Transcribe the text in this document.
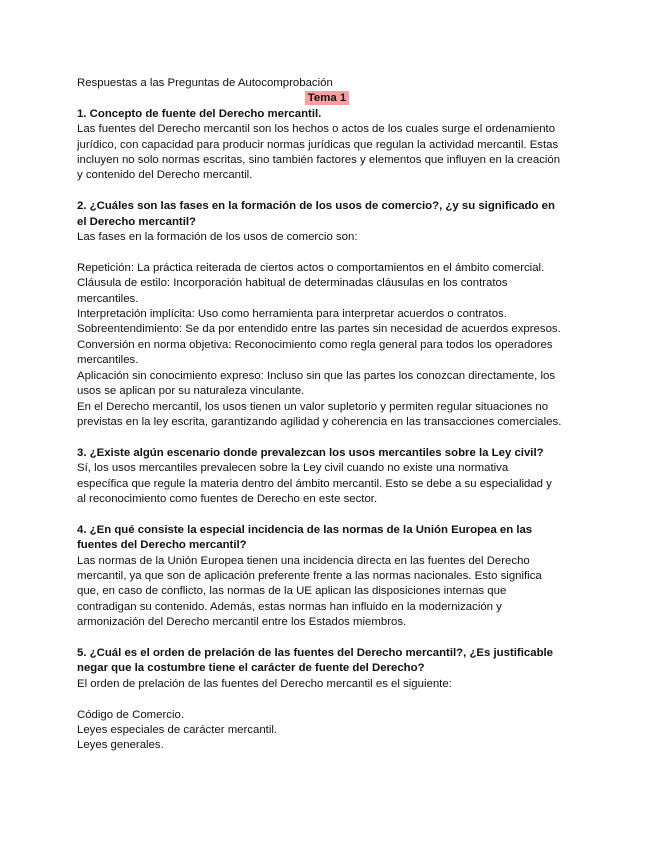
Respuestas a las Preguntas de Autocomprobación
Tema 1
1. Concepto de fuente del Derecho mercantil.
Las fuentes del Derecho mercantil son los hechos o actos de los cuales surge el ordenamiento
jurídico, con capacidad para producir normas jurídicas que regulan la actividad mercantil. Estas
incluyen no solo normas escritas, sino también factores y elementos que influyen en la creación
y contenido del Derecho mercantil.
2. ¿Cuáles son las fases en la formación de los usos de comercio?, ¿y su significado en
el Derecho mercantil?
Las fases en la formación de los usos de comercio son:

Repetición: La práctica reiterada de ciertos actos o comportamientos en el ámbito comercial.
Cláusula de estilo: Incorporación habitual de determinadas cláusulas en los contratos
mercantiles.
Interpretación implícita: Uso como herramienta para interpretar acuerdos o contratos.
Sobreentendimiento: Se da por entendido entre las partes sin necesidad de acuerdos expresos.
Conversión en norma objetiva: Reconocimiento como regla general para todos los operadores
mercantiles.
Aplicación sin conocimiento expreso: Incluso sin que las partes los conozcan directamente, los
usos se aplican por su naturaleza vinculante.
En el Derecho mercantil, los usos tienen un valor supletorio y permiten regular situaciones no
previstas en la ley escrita, garantizando agilidad y coherencia en las transacciones comerciales.
3. ¿Existe algún escenario donde prevalezcan los usos mercantiles sobre la Ley civil?
Sí, los usos mercantiles prevalecen sobre la Ley civil cuando no existe una normativa
específica que regule la materia dentro del ámbito mercantil. Esto se debe a su especialidad y
al reconocimiento como fuentes de Derecho en este sector.
4. ¿En qué consiste la especial incidencia de las normas de la Unión Europea en las
fuentes del Derecho mercantil?
Las normas de la Unión Europea tienen una incidencia directa en las fuentes del Derecho
mercantil, ya que son de aplicación preferente frente a las normas nacionales. Esto significa
que, en caso de conflicto, las normas de la UE aplican las disposiciones internas que
contradigan su contenido. Además, estas normas han influido en la modernización y
armonización del Derecho mercantil entre los Estados miembros.
5. ¿Cuál es el orden de prelación de las fuentes del Derecho mercantil?, ¿Es justificable
negar que la costumbre tiene el carácter de fuente del Derecho?
El orden de prelación de las fuentes del Derecho mercantil es el siguiente:

Código de Comercio.
Leyes especiales de carácter mercantil.
Leyes generales.
